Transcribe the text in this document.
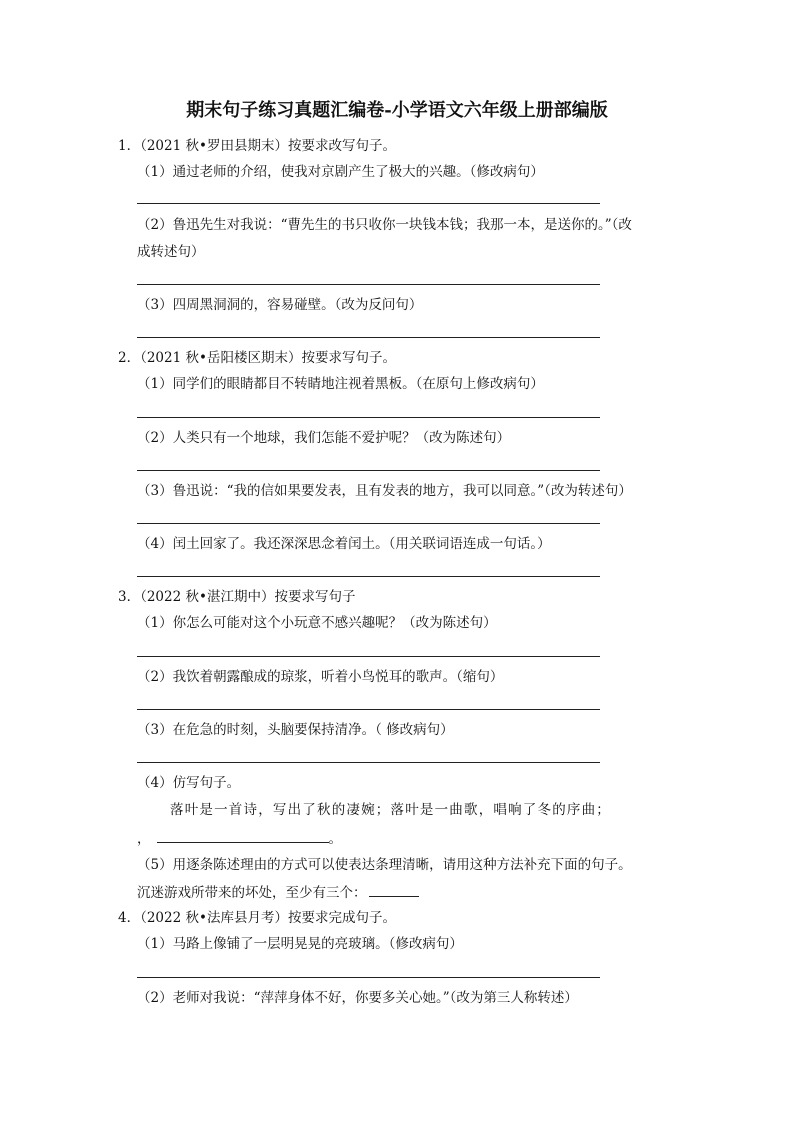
期末句子练习真题汇编卷-小学语文六年级上册部编版
1．（2021 秋•罗田县期末）按要求改写句子。
（1）通过老师的介绍，使我对京剧产生了极大的兴趣。（修改病句）
（2）鲁迅先生对我说：“曹先生的书只收你一块钱本钱；我那一本，是送你的。”（改
成转述句）
（3）四周黑洞洞的，容易碰壁。（改为反问句）
2．（2021 秋•岳阳楼区期末）按要求写句子。
（1）同学们的眼睛都目不转睛地注视着黑板。（在原句上修改病句）
（2）人类只有一个地球，我们怎能不爱护呢？（改为陈述句）
（3）鲁迅说：“我的信如果要发表，且有发表的地方，我可以同意。”（改为转述句）
（4）闰土回家了。我还深深思念着闰土。（用关联词语连成一句话。）
3．（2022 秋•湛江期中）按要求写句子
（1）你怎么可能对这个小玩意不感兴趣呢？（改为陈述句）
（2）我饮着朝露酿成的琼浆，听着小鸟悦耳的歌声。（缩句）
（3）在危急的时刻，头脑要保持清净。（ 修改病句）
（4）仿写句子。
落叶是一首诗，写出了秋的凄婉；落叶是一曲歌，唱响了冬的序曲；
，	。
（5）用逐条陈述理由的方式可以使表达条理清晰，请用这种方法补充下面的句子。
沉迷游戏所带来的坏处，至少有三个：
4．（2022 秋•法库县月考）按要求完成句子。
（1）马路上像铺了一层明晃晃的亮玻璃。（修改病句）
（2）老师对我说：“萍萍身体不好，你要多关心她。”（改为第三人称转述）
